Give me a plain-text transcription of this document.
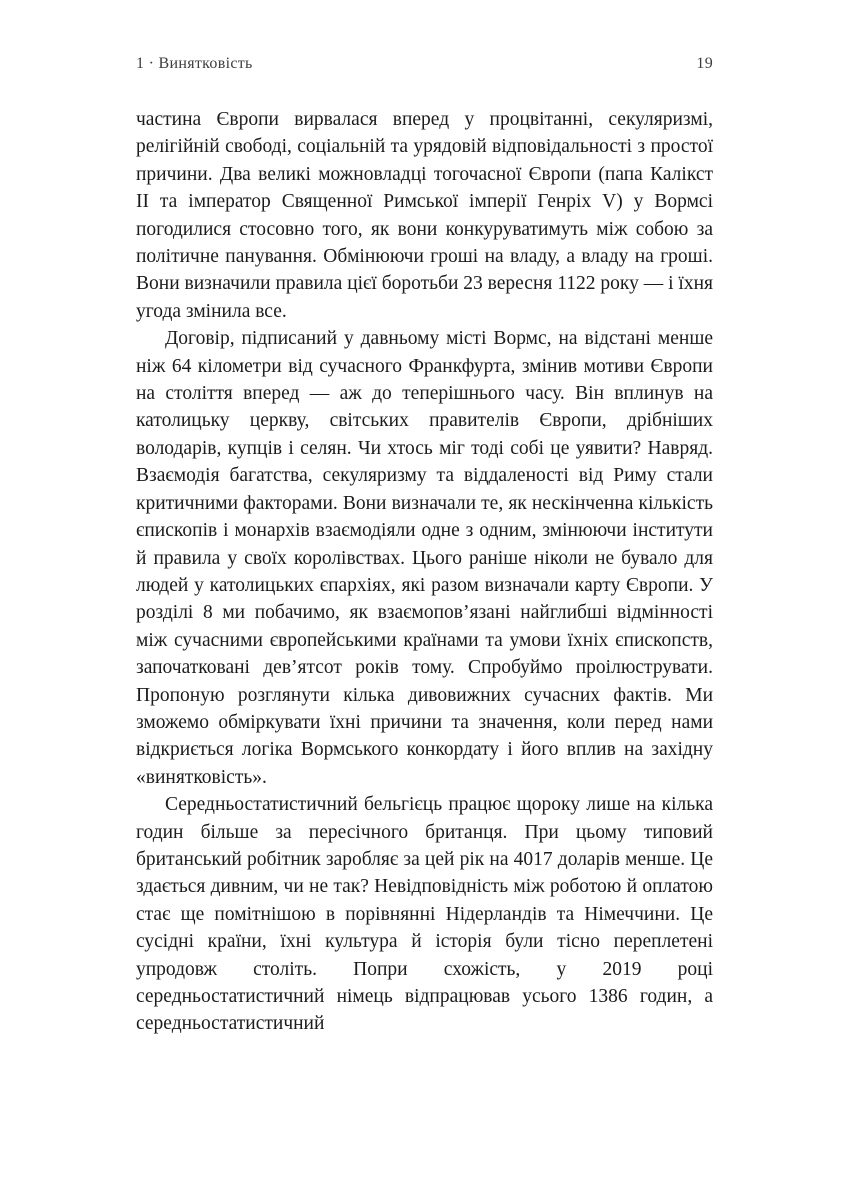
1 · Винятковість	19

частина Європи вирвалася вперед у процвітанні, секуляризмі, релігійній свободі, соціальній та урядовій відповідальності з простої причини. Два великі можновладці тогочасної Європи (папа Калікст II та імператор Священної Римської імперії Генріх V) у Вормсі погодилися стосовно того, як вони конкуруватимуть між собою за політичне панування. Обмінюючи гроші на владу, а владу на гроші. Вони визначили правила цієї боротьби 23 вересня 1122 року — і їхня угода змінила все.

Договір, підписаний у давньому місті Вормс, на відстані менше ніж 64 кілометри від сучасного Франкфурта, змінив мотиви Європи на століття вперед — аж до теперішнього часу. Він вплинув на католицьку церкву, світських правителів Європи, дрібніших володарів, купців і селян. Чи хтось міг тоді собі це уявити? Навряд. Взаємодія багатства, секуляризму та віддаленості від Риму стали критичними факторами. Вони визначали те, як нескінченна кількість єпископів і монархів взаємодіяли одне з одним, змінюючи інститути й правила у своїх королівствах. Цього раніше ніколи не бувало для людей у католицьких єпархіях, які разом визначали карту Європи. У розділі 8 ми побачимо, як взаємопов’язані найглибші відмінності між сучасними європейськими країнами та умови їхніх єпископств, започатковані дев’ятсот років тому. Спробуймо проілюструвати. Пропоную розглянути кілька дивовижних сучасних фактів. Ми зможемо обміркувати їхні причини та значення, коли перед нами відкриється логіка Вормського конкордату і його вплив на західну «винятковість».

Середньостатистичний бельгієць працює щороку лише на кілька годин більше за пересічного британця. При цьому типовий британський робітник заробляє за цей рік на 4017 доларів менше. Це здається дивним, чи не так? Невідповідність між роботою й оплатою стає ще помітнішою в порівнянні Нідерландів та Німеччини. Це сусідні країни, їхні культура й історія були тісно переплетені упродовж століть. Попри схожість, у 2019 році середньостатистичний німець відпрацював усього 1386 годин, а середньостатистичний
